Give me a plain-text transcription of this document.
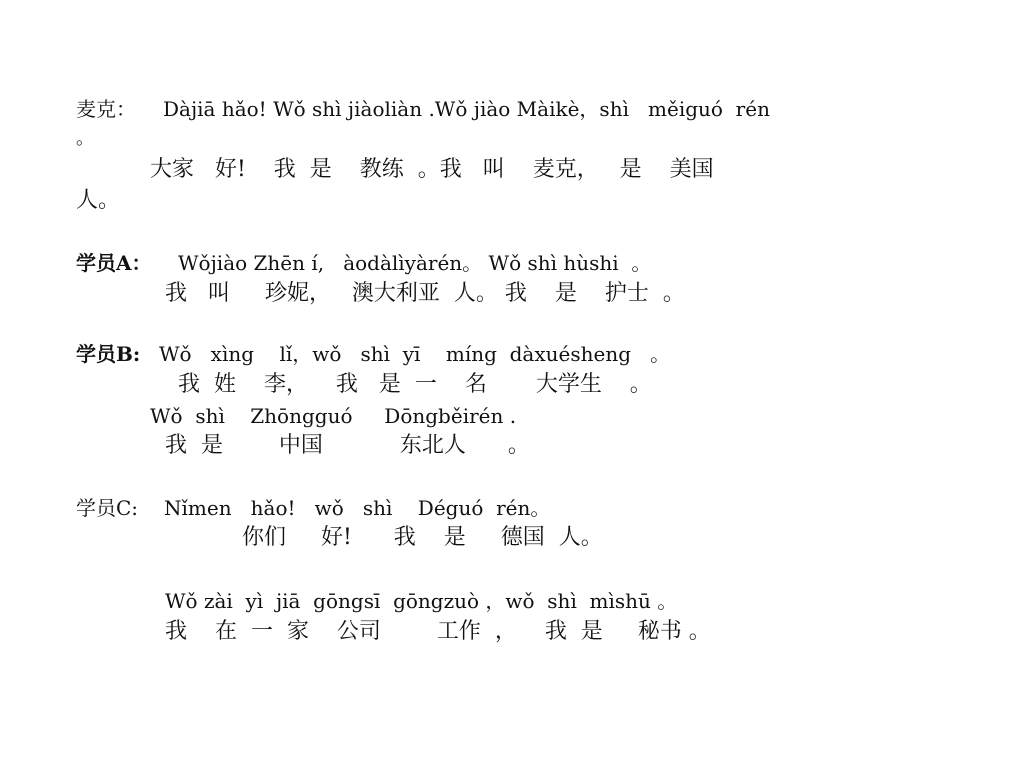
麦克： Dàjiā hǎo! Wǒ shì jiàoliàn .Wǒ jiào Màikè，shì   měiguó  rén
。
大家   好!    我  是    教练  。我   叫    麦克，   是    美国
人。
学员A： Wǒjiào Zhēn í,   àodàlìyàrén。 Wǒ shì hùshi  。
我   叫     珍妮，   澳大利亚  人。 我    是    护士  。
学员B: Wǒ   xìng    lǐ，wǒ   shì  yī    míng  dàxuésheng   。
我  姓    李，    我   是  一    名       大学生    。
Wǒ  shì    Zhōngguó     Dōngběirén .
我  是        中国           东北人      。
学员C: Nǐmen   hǎo!   wǒ   shì    Déguó  rén。
你们     好!      我    是     德国  人。
Wǒ zài  yì  jiā  gōngsī  gōngzuò ，wǒ  shì  mìshū 。
我    在  一  家    公司        工作  ，    我  是     秘书 。
